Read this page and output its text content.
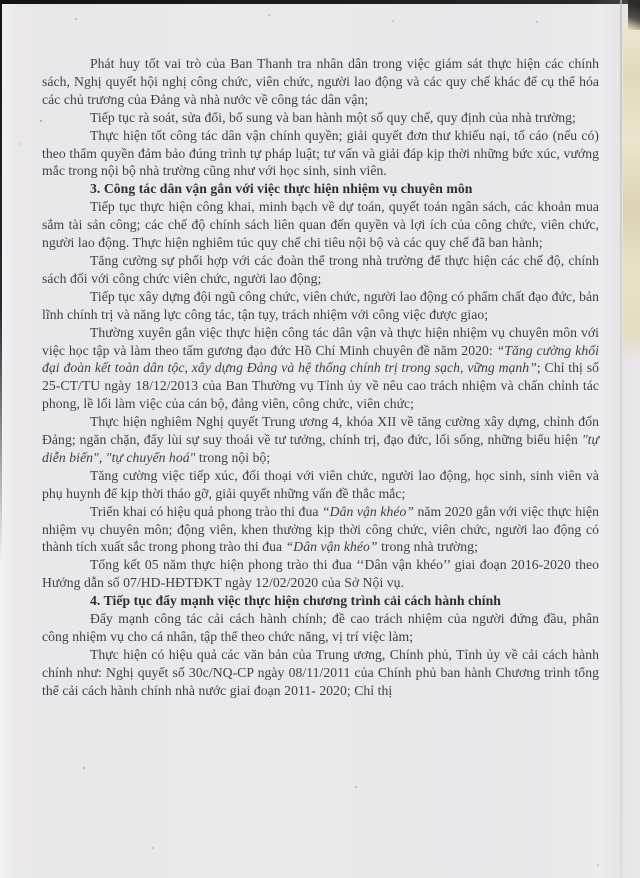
Phát huy tốt vai trò của Ban Thanh tra nhân dân trong việc giám sát thực hiện các chính sách, Nghị quyết hội nghị công chức, viên chức, người lao động và các quy chế khác để cụ thể hóa các chủ trương của Đảng và nhà nước về công tác dân vận;

Tiếp tục rà soát, sửa đổi, bổ sung và ban hành một số quy chế, quy định của nhà trường;

Thực hiện tốt công tác dân vận chính quyền; giải quyết đơn thư khiếu nại, tố cáo (nếu có) theo thẩm quyền đảm bảo đúng trình tự pháp luật; tư vấn và giải đáp kịp thời những bức xúc, vướng mắc trong nội bộ nhà trường cũng như với học sinh, sinh viên.

3. Công tác dân vận gắn với việc thực hiện nhiệm vụ chuyên môn

Tiếp tục thực hiện công khai, minh bạch về dự toán, quyết toán ngân sách, các khoản mua sắm tài sản công; các chế độ chính sách liên quan đến quyền và lợi ích của công chức, viên chức, người lao động. Thực hiện nghiêm túc quy chế chi tiêu nội bộ và các quy chế đã ban hành;

Tăng cường sự phối hợp với các đoàn thể trong nhà trường để thực hiện các chế độ, chính sách đối với công chức viên chức, người lao động;

Tiếp tục xây dựng đội ngũ công chức, viên chức, người lao động có phẩm chất đạo đức, bản lĩnh chính trị và năng lực công tác, tận tụy, trách nhiệm với công việc được giao;

Thường xuyên gắn việc thực hiện công tác dân vận và thực hiện nhiệm vụ chuyên môn với việc học tập và làm theo tấm gương đạo đức Hồ Chí Minh chuyên đề năm 2020: “Tăng cường khối đại đoàn kết toàn dân tộc, xây dựng Đảng và hệ thống chính trị trong sạch, vững mạnh”; Chỉ thị số 25-CT/TU ngày 18/12/2013 của Ban Thường vụ Tỉnh ủy về nêu cao trách nhiệm và chấn chỉnh tác phong, lề lối làm việc của cán bộ, đảng viên, công chức, viên chức;

Thực hiện nghiêm Nghị quyết Trung ương 4, khóa XII về tăng cường xây dựng, chỉnh đốn Đảng; ngăn chặn, đẩy lùi sự suy thoái về tư tưởng, chính trị, đạo đức, lối sống, những biểu hiện "tự diễn biến", "tự chuyển hoá" trong nội bộ;

Tăng cường việc tiếp xúc, đối thoại với viên chức, người lao động, học sinh, sinh viên và phụ huynh để kịp thời tháo gỡ, giải quyết những vấn đề thắc mắc;

Triển khai có hiệu quả phong trào thi đua “Dân vận khéo” năm 2020 gắn với việc thực hiện nhiệm vụ chuyên môn; động viên, khen thưởng kịp thời công chức, viên chức, người lao động có thành tích xuất sắc trong phong trào thi đua “Dân vận khéo” trong nhà trường;

Tổng kết 05 năm thực hiện phong trào thi đua ‘‘Dân vận khéo’’ giai đoạn 2016-2020 theo Hướng dẫn số 07/HD-HĐTĐKT ngày 12/02/2020 của Sở Nội vụ.

4. Tiếp tục đẩy mạnh việc thực hiện chương trình cải cách hành chính

Đẩy mạnh công tác cải cách hành chính; đề cao trách nhiệm của người đứng đầu, phân công nhiệm vụ cho cá nhân, tập thể theo chức năng, vị trí việc làm;

Thực hiện có hiệu quả các văn bản của Trung ương, Chính phủ, Tỉnh ủy về cải cách hành chính như: Nghị quyết số 30c/NQ-CP ngày 08/11/2011 của Chính phủ ban hành Chương trình tổng thể cải cách hành chính nhà nước giai đoạn 2011- 2020; Chỉ thị
